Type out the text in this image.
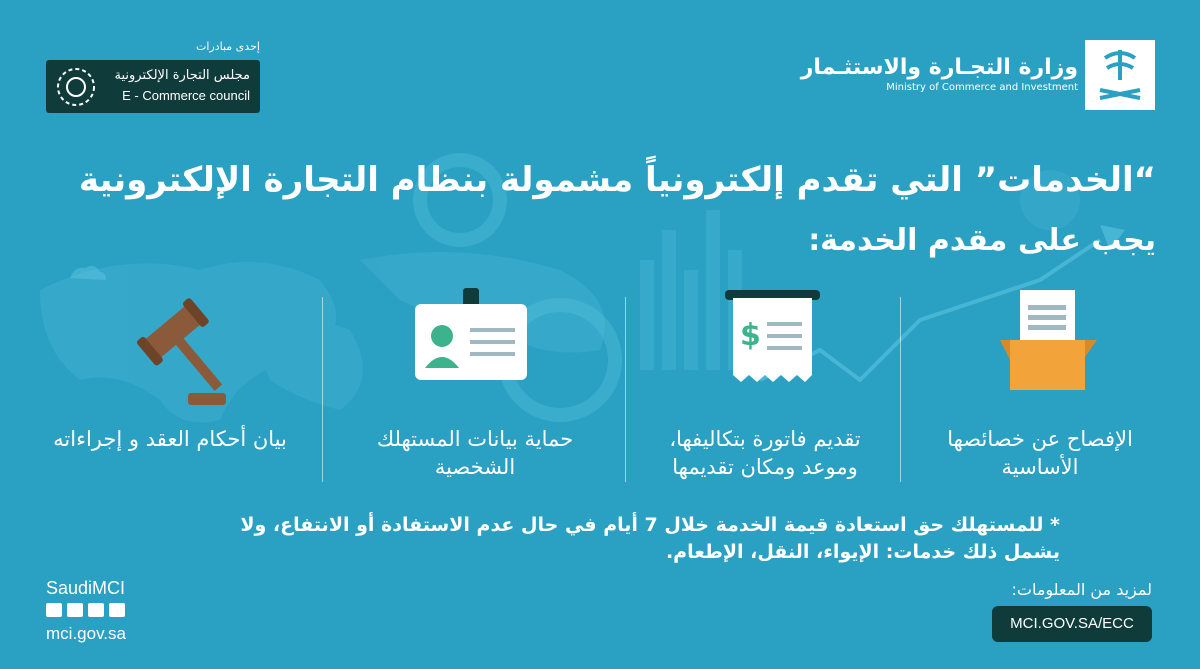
وزارة التجـارة والاستثـمار
Ministry of Commerce and Investment
إحدى مبادرات
مجلس التجارة الإلكترونية
E - Commerce council
“الخدمات” التي تقدم إلكترونياً مشمولة بنظام التجارة الإلكترونية
يجب على مقدم الخدمة:
$
الإفصاح عن خصائصها
الأساسية
تقديم فاتورة بتكاليفها،
وموعد ومكان تقديمها
حماية بيانات المستهلك
الشخصية
بيان أحكام العقد و إجراءاته
* للمستهلك حق استعادة قيمة الخدمة خلال 7 أيام في حال عدم الاستفادة أو الانتفاع، ولا
يشمل ذلك خدمات: الإيواء، النقل، الإطعام.
لمزيد من المعلومات:
MCI.GOV.SA/ECC
SaudiMCI
mci.gov.sa
